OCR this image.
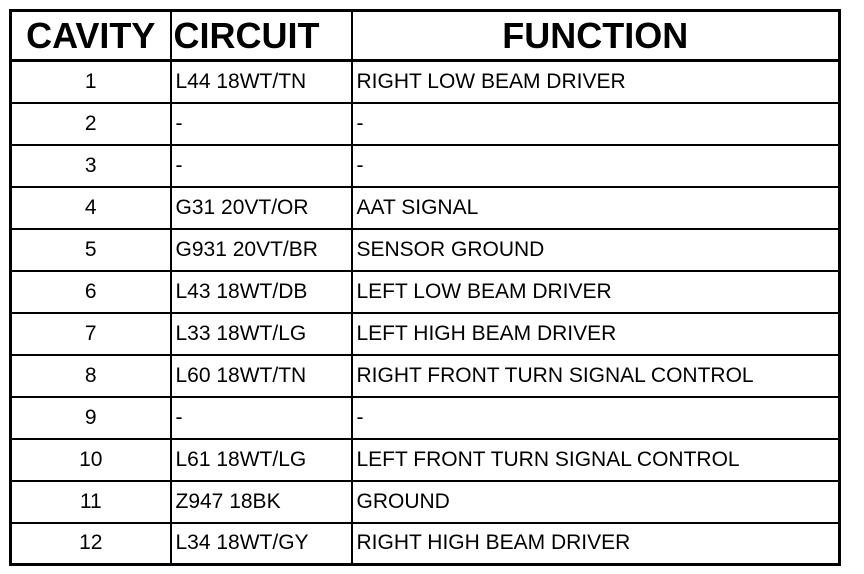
CAVITY	CIRCUIT	FUNCTION
1	L44 18WT/TN	RIGHT LOW BEAM DRIVER
2	-	-
3	-	-
4	G31 20VT/OR	AAT SIGNAL
5	G931 20VT/BR	SENSOR GROUND
6	L43 18WT/DB	LEFT LOW BEAM DRIVER
7	L33 18WT/LG	LEFT HIGH BEAM DRIVER
8	L60 18WT/TN	RIGHT FRONT TURN SIGNAL CONTROL
9	-	-
10	L61 18WT/LG	LEFT FRONT TURN SIGNAL CONTROL
11	Z947 18BK	GROUND
12	L34 18WT/GY	RIGHT HIGH BEAM DRIVER
